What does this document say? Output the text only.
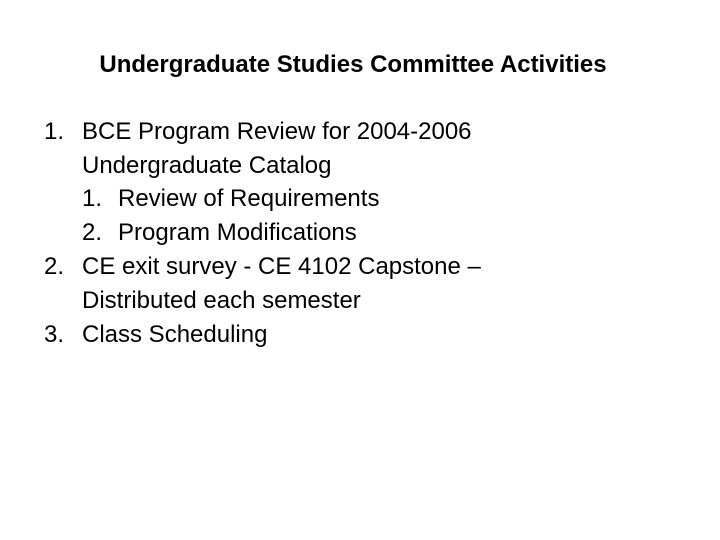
Undergraduate Studies Committee Activities
1. BCE Program Review for 2004-2006
Undergraduate Catalog
1. Review of Requirements
2. Program Modifications
2. CE exit survey - CE 4102 Capstone –
Distributed each semester
3. Class Scheduling
